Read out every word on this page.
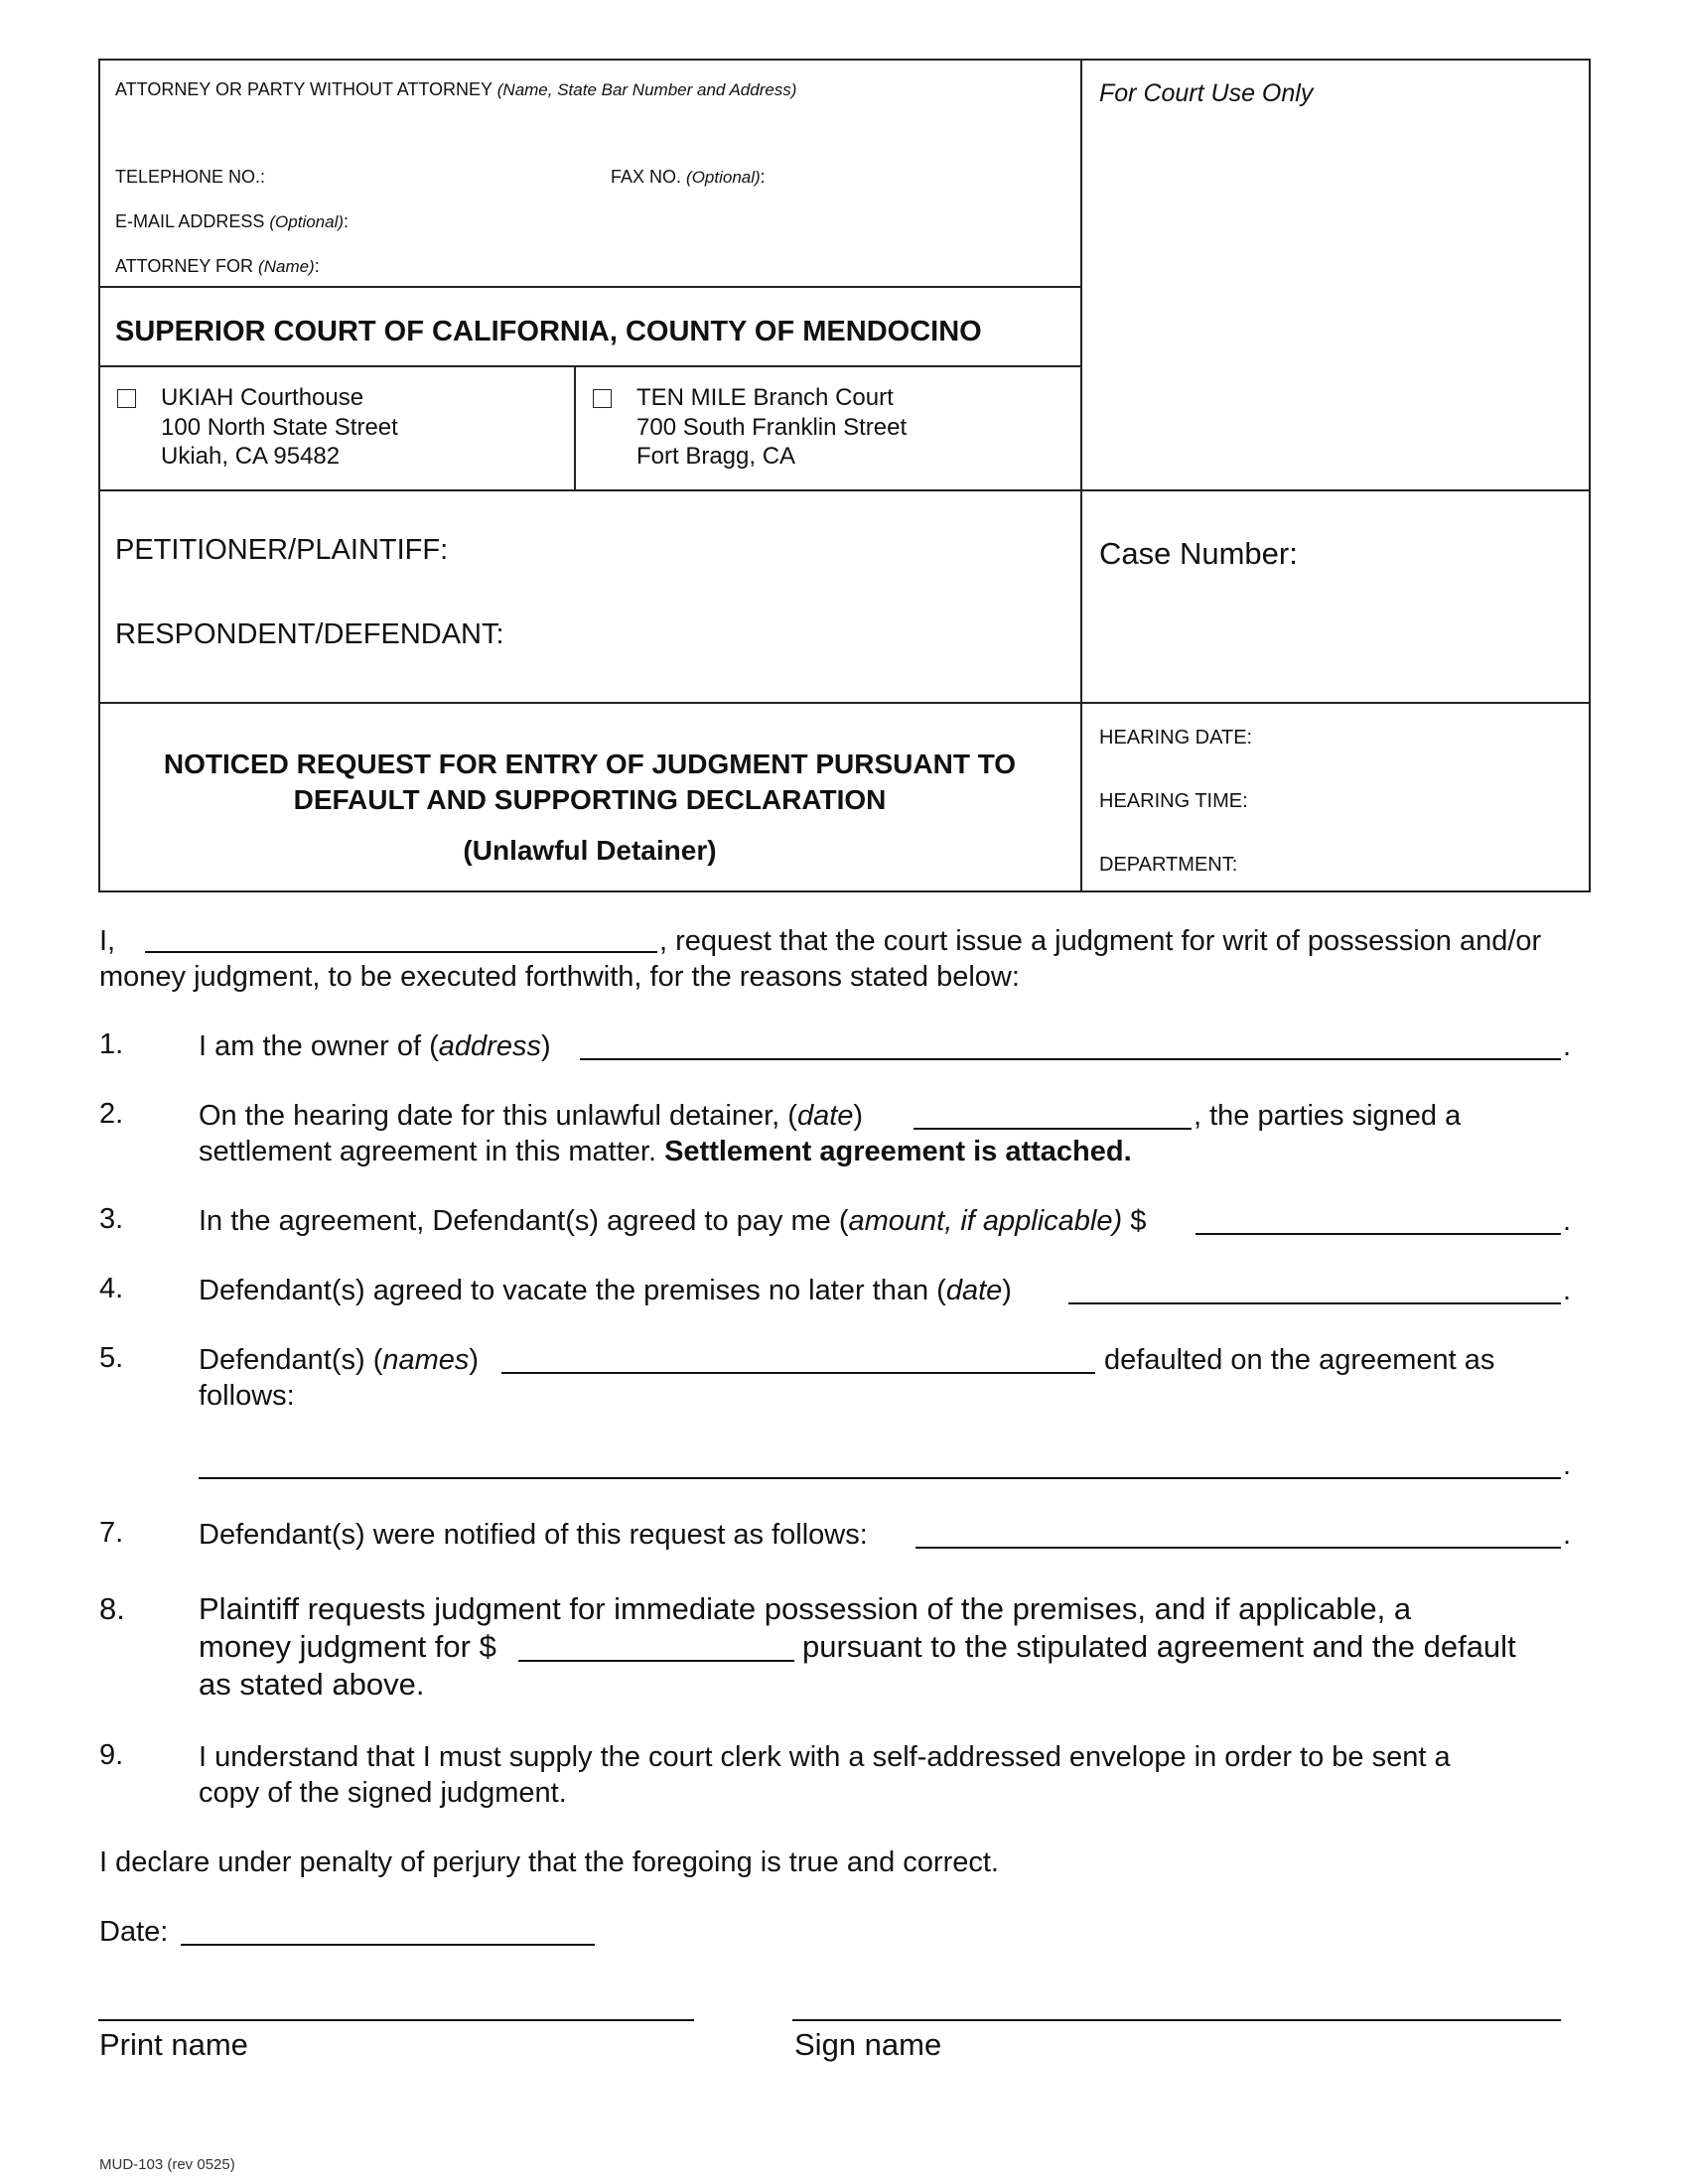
ATTORNEY OR PARTY WITHOUT ATTORNEY (Name, State Bar Number and Address)
TELEPHONE NO.:	FAX NO. (Optional):
E-MAIL ADDRESS (Optional):
ATTORNEY FOR (Name):
For Court Use Only
SUPERIOR COURT OF CALIFORNIA, COUNTY OF MENDOCINO
UKIAH Courthouse
100 North State Street
Ukiah, CA 95482
TEN MILE Branch Court
700 South Franklin Street
Fort Bragg, CA
PETITIONER/PLAINTIFF:
RESPONDENT/DEFENDANT:
Case Number:
NOTICED REQUEST FOR ENTRY OF JUDGMENT PURSUANT TO
DEFAULT AND SUPPORTING DECLARATION
(Unlawful Detainer)
HEARING DATE:
HEARING TIME:
DEPARTMENT:
I,	, request that the court issue a judgment for writ of possession and/or
money judgment, to be executed forthwith, for the reasons stated below:
1.	I am the owner of (address)	.
2.	On the hearing date for this unlawful detainer, (date)	, the parties signed a
settlement agreement in this matter. Settlement agreement is attached.
3.	In the agreement, Defendant(s) agreed to pay me (amount, if applicable) $	.
4.	Defendant(s) agreed to vacate the premises no later than (date)	.
5.	Defendant(s) (names)	defaulted on the agreement as
follows:
.
7.	Defendant(s) were notified of this request as follows:	.
8. Plaintiff requests judgment for immediate possession of the premises, and if applicable, a
money judgment for $	pursuant to the stipulated agreement and the default
as stated above.
9.	I understand that I must supply the court clerk with a self-addressed envelope in order to be sent a
copy of the signed judgment.
I declare under penalty of perjury that the foregoing is true and correct.
Date:
Print name	Sign name
MUD-103 (rev 0525)
